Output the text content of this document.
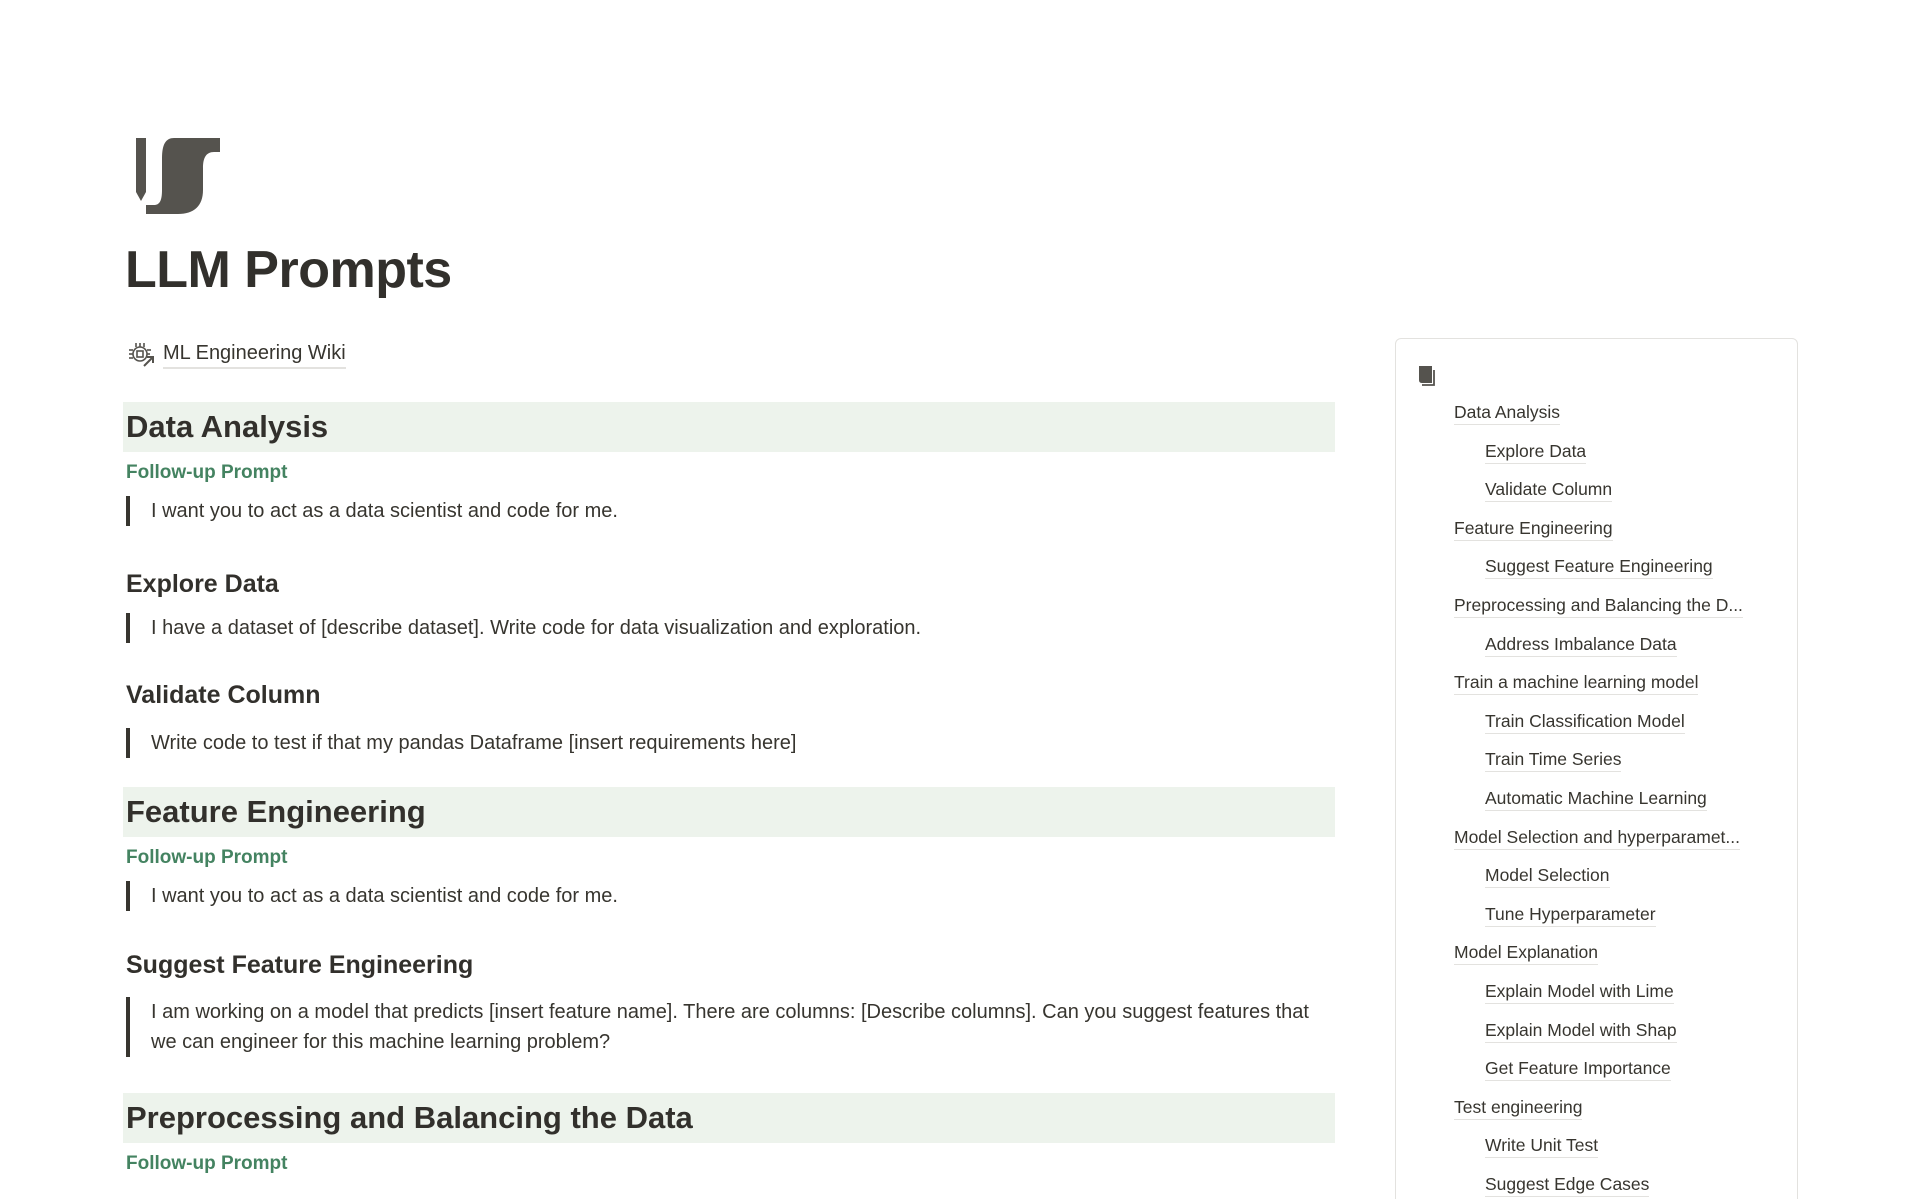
LLM Prompts
ML Engineering Wiki
Data Analysis
Follow-up Prompt
I want you to act as a data scientist and code for me.
Explore Data
I have a dataset of [describe dataset]. Write code for data visualization and exploration.
Validate Column
Write code to test if that my pandas Dataframe [insert requirements here]
Feature Engineering
Follow-up Prompt
I want you to act as a data scientist and code for me.
Suggest Feature Engineering
I am working on a model that predicts [insert feature name]. There are columns: [Describe columns]. Can you suggest features that we can engineer for this machine learning problem?
Preprocessing and Balancing the Data
Follow-up Prompt
Data Analysis
Explore Data
Validate Column
Feature Engineering
Suggest Feature Engineering
Preprocessing and Balancing the D...
Address Imbalance Data
Train a machine learning model
Train Classification Model
Train Time Series
Automatic Machine Learning
Model Selection and hyperparamet...
Model Selection
Tune Hyperparameter
Model Explanation
Explain Model with Lime
Explain Model with Shap
Get Feature Importance
Test engineering
Write Unit Test
Suggest Edge Cases
